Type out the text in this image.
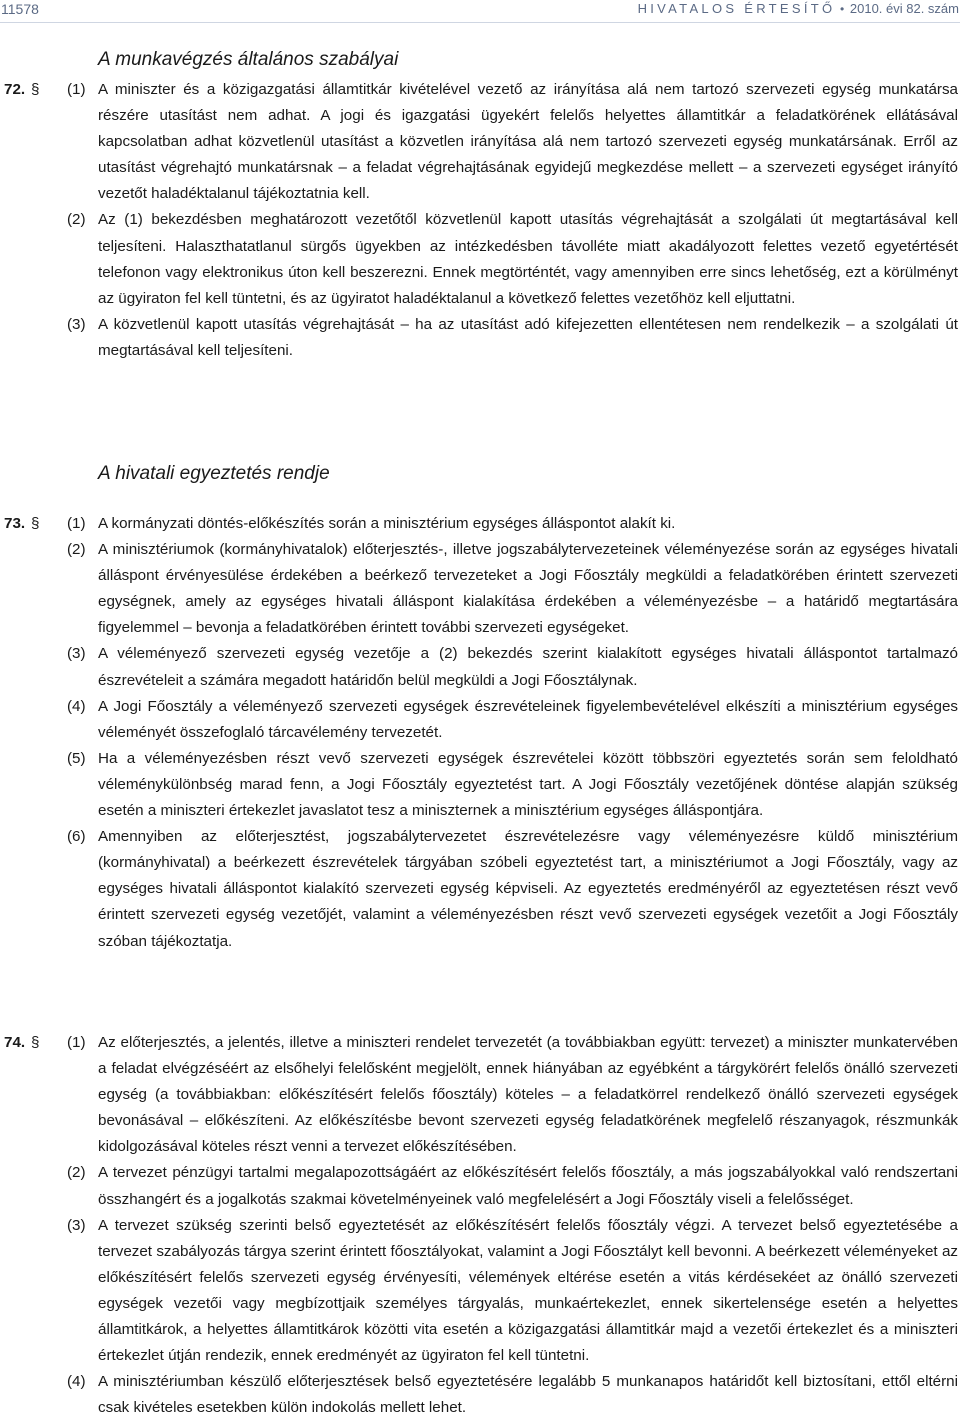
11578	HIVATALOS ÉRTESÍTŐ • 2010. évi 82. szám
A munkavégzés általános szabályai
72. § (1) A miniszter és a közigazgatási államtitkár kivételével vezető az irányítása alá nem tartozó szervezeti egység munkatársa részére utasítást nem adhat. A jogi és igazgatási ügyekért felelős helyettes államtitkár a feladatkörének ellátásával kapcsolatban adhat közvetlenül utasítást a közvetlen irányítása alá nem tartozó szervezeti egység munkatársának. Erről az utasítást végrehajtó munkatársnak – a feladat végrehajtásának egyidejű megkezdése mellett – a szervezeti egységet irányító vezetőt haladéktalanul tájékoztatnia kell.
(2) Az (1) bekezdésben meghatározott vezetőtől közvetlenül kapott utasítás végrehajtását a szolgálati út megtartásával kell teljesíteni. Halaszthatatlanul sürgős ügyekben az intézkedésben távolléte miatt akadályozott felettes vezető egyetértését telefonon vagy elektronikus úton kell beszerezni. Ennek megtörténtét, vagy amennyiben erre sincs lehetőség, ezt a körülményt az ügyiraton fel kell tüntetni, és az ügyiratot haladéktalanul a következő felettes vezetőhöz kell eljuttatni.
(3) A közvetlenül kapott utasítás végrehajtását – ha az utasítást adó kifejezetten ellentétesen nem rendelkezik – a szolgálati út megtartásával kell teljesíteni.
A hivatali egyeztetés rendje
73. § (1) A kormányzati döntés-előkészítés során a minisztérium egységes álláspontot alakít ki.
(2) A minisztériumok (kormányhivatalok) előterjesztés-, illetve jogszabálytervezeteinek véleményezése során az egységes hivatali álláspont érvényesülése érdekében a beérkező tervezeteket a Jogi Főosztály megküldi a feladatkörében érintett szervezeti egységnek, amely az egységes hivatali álláspont kialakítása érdekében a véleményezésbe – a határidő megtartására figyelemmel – bevonja a feladatkörében érintett további szervezeti egységeket.
(3) A véleményező szervezeti egység vezetője a (2) bekezdés szerint kialakított egységes hivatali álláspontot tartalmazó észrevételeit a számára megadott határidőn belül megküldi a Jogi Főosztálynak.
(4) A Jogi Főosztály a véleményező szervezeti egységek észrevételeinek figyelembevételével elkészíti a minisztérium egységes véleményét összefoglaló tárcavélemény tervezetét.
(5) Ha a véleményezésben részt vevő szervezeti egységek észrevételei között többszöri egyeztetés során sem feloldható véleménykülönbség marad fenn, a Jogi Főosztály egyeztetést tart. A Jogi Főosztály vezetőjének döntése alapján szükség esetén a miniszteri értekezlet javaslatot tesz a miniszternek a minisztérium egységes álláspontjára.
(6) Amennyiben az előterjesztést, jogszabálytervezetet észrevételezésre vagy véleményezésre küldő minisztérium (kormányhivatal) a beérkezett észrevételek tárgyában szóbeli egyeztetést tart, a minisztériumot a Jogi Főosztály, vagy az egységes hivatali álláspontot kialakító szervezeti egység képviseli. Az egyeztetés eredményéről az egyeztetésen részt vevő érintett szervezeti egység vezetőjét, valamint a véleményezésben részt vevő szervezeti egységek vezetőit a Jogi Főosztály szóban tájékoztatja.
74. § (1) Az előterjesztés, a jelentés, illetve a miniszteri rendelet tervezetét (a továbbiakban együtt: tervezet) a miniszter munkatervében a feladat elvégzéséért az elsőhelyi felelősként megjelölt, ennek hiányában az egyébként a tárgykörért felelős önálló szervezeti egység (a továbbiakban: előkészítésért felelős főosztály) köteles – a feladatkörrel rendelkező önálló szervezeti egységek bevonásával – előkészíteni. Az előkészítésbe bevont szervezeti egység feladatkörének megfelelő részanyagok, részmunkák kidolgozásával köteles részt venni a tervezet előkészítésében.
(2) A tervezet pénzügyi tartalmi megalapozottságáért az előkészítésért felelős főosztály, a más jogszabályokkal való rendszertani összhangért és a jogalkotás szakmai követelményeinek való megfelelésért a Jogi Főosztály viseli a felelősséget.
(3) A tervezet szükség szerinti belső egyeztetését az előkészítésért felelős főosztály végzi. A tervezet belső egyeztetésébe a tervezet szabályozás tárgya szerint érintett főosztályokat, valamint a Jogi Főosztályt kell bevonni. A beérkezett véleményeket az előkészítésért felelős szervezeti egység érvényesíti, vélemények eltérése esetén a vitás kérdésekéet az önálló szervezeti egységek vezetői vagy megbízottjaik személyes tárgyalás, munkaértekezlet, ennek sikertelensége esetén a helyettes államtitkárok, a helyettes államtitkárok közötti vita esetén a közigazgatási államtitkár majd a vezetői értekezlet és a miniszteri értekezlet útján rendezik, ennek eredményét az ügyiraton fel kell tüntetni.
(4) A minisztériumban készülő előterjesztések belső egyeztetésére legalább 5 munkanapos határidőt kell biztosítani, ettől eltérni csak kivételes esetekben külön indokolás mellett lehet.
